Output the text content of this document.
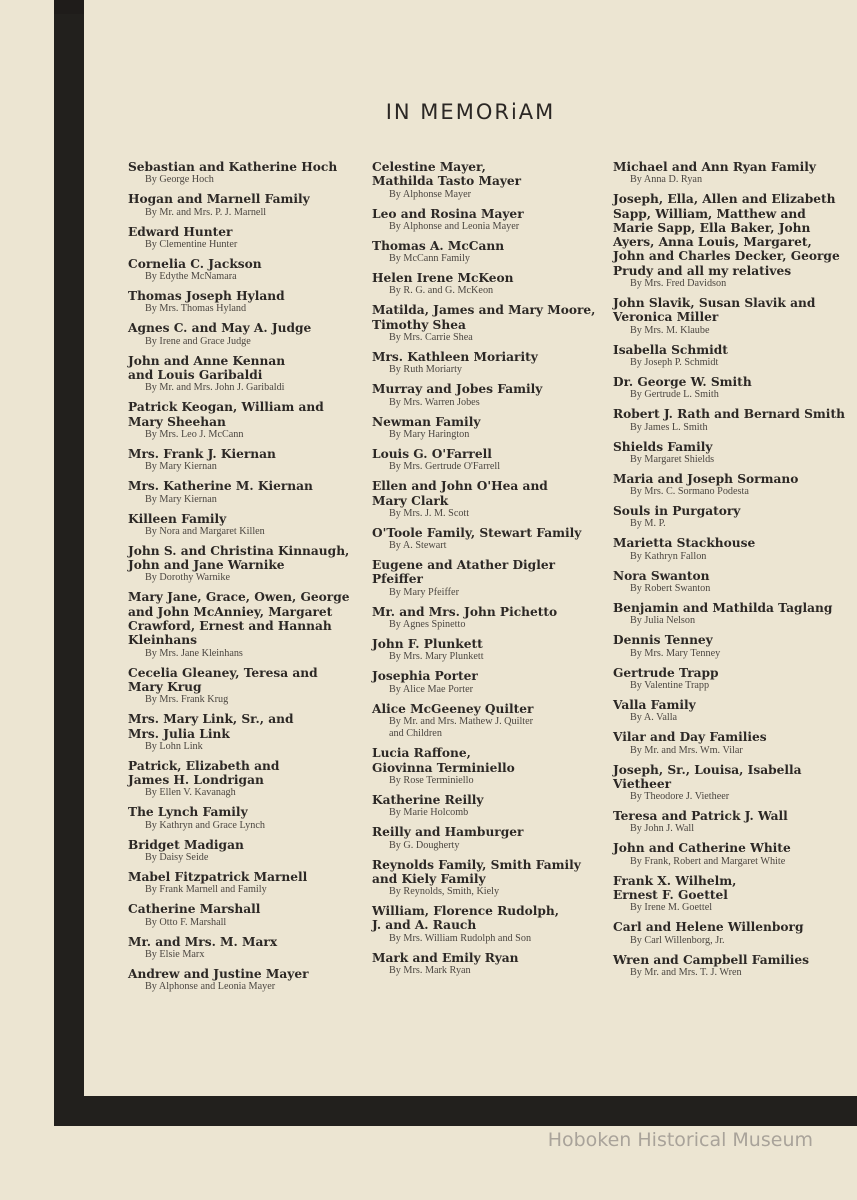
IN MEMORiAM
Sebastian and Katherine Hoch
By George Hoch
Hogan and Marnell Family
By Mr. and Mrs. P. J. Marnell
Edward Hunter
By Clementine Hunter
Cornelia C. Jackson
By Edythe McNamara
Thomas Joseph Hyland
By Mrs. Thomas Hyland
Agnes C. and May A. Judge
By Irene and Grace Judge
John and Anne Kennan
and Louis Garibaldi
By Mr. and Mrs. John J. Garibaldi
Patrick Keogan, William and
Mary Sheehan
By Mrs. Leo J. McCann
Mrs. Frank J. Kiernan
By Mary Kiernan
Mrs. Katherine M. Kiernan
By Mary Kiernan
Killeen Family
By Nora and Margaret Killen
John S. and Christina Kinnaugh,
John and Jane Warnike
By Dorothy Warnike
Mary Jane, Grace, Owen, George
and John McAnniey, Margaret
Crawford, Ernest and Hannah
Kleinhans
By Mrs. Jane Kleinhans
Cecelia Gleaney, Teresa and
Mary Krug
By Mrs. Frank Krug
Mrs. Mary Link, Sr., and
Mrs. Julia Link
By Lohn Link
Patrick, Elizabeth and
James H. Londrigan
By Ellen V. Kavanagh
The Lynch Family
By Kathryn and Grace Lynch
Bridget Madigan
By Daisy Seide
Mabel Fitzpatrick Marnell
By Frank Marnell and Family
Catherine Marshall
By Otto F. Marshall
Mr. and Mrs. M. Marx
By Elsie Marx
Andrew and Justine Mayer
By Alphonse and Leonia Mayer
Celestine Mayer,
Mathilda Tasto Mayer
By Alphonse Mayer
Leo and Rosina Mayer
By Alphonse and Leonia Mayer
Thomas A. McCann
By McCann Family
Helen Irene McKeon
By R. G. and G. McKeon
Matilda, James and Mary Moore,
Timothy Shea
By Mrs. Carrie Shea
Mrs. Kathleen Moriarity
By Ruth Moriarty
Murray and Jobes Family
By Mrs. Warren Jobes
Newman Family
By Mary Harington
Louis G. O'Farrell
By Mrs. Gertrude O'Farrell
Ellen and John O'Hea and
Mary Clark
By Mrs. J. M. Scott
O'Toole Family, Stewart Family
By A. Stewart
Eugene and Atather Digler Pfeiffer
By Mary Pfeiffer
Mr. and Mrs. John Pichetto
By Agnes Spinetto
John F. Plunkett
By Mrs. Mary Plunkett
Josephia Porter
By Alice Mae Porter
Alice McGeeney Quilter
By Mr. and Mrs. Mathew J. Quilter
and Children
Lucia Raffone,
Giovinna Terminiello
By Rose Terminiello
Katherine Reilly
By Marie Holcomb
Reilly and Hamburger
By G. Dougherty
Reynolds Family, Smith Family
and Kiely Family
By Reynolds, Smith, Kiely
William, Florence Rudolph,
J. and A. Rauch
By Mrs. William Rudolph and Son
Mark and Emily Ryan
By Mrs. Mark Ryan
Michael and Ann Ryan Family
By Anna D. Ryan
Joseph, Ella, Allen and Elizabeth
Sapp, William, Matthew and
Marie Sapp, Ella Baker, John
Ayers, Anna Louis, Margaret,
John and Charles Decker, George
Prudy and all my relatives
By Mrs. Fred Davidson
John Slavik, Susan Slavik and
Veronica Miller
By Mrs. M. Klaube
Isabella Schmidt
By Joseph P. Schmidt
Dr. George W. Smith
By Gertrude L. Smith
Robert J. Rath and Bernard Smith
By James L. Smith
Shields Family
By Margaret Shields
Maria and Joseph Sormano
By Mrs. C. Sormano Podesta
Souls in Purgatory
By M. P.
Marietta Stackhouse
By Kathryn Fallon
Nora Swanton
By Robert Swanton
Benjamin and Mathilda Taglang
By Julia Nelson
Dennis Tenney
By Mrs. Mary Tenney
Gertrude Trapp
By Valentine Trapp
Valla Family
By A. Valla
Vilar and Day Families
By Mr. and Mrs. Wm. Vilar
Joseph, Sr., Louisa, Isabella
Vietheer
By Theodore J. Vietheer
Teresa and Patrick J. Wall
By John J. Wall
John and Catherine White
By Frank, Robert and Margaret White
Frank X. Wilhelm,
Ernest F. Goettel
By Irene M. Goettel
Carl and Helene Willenborg
By Carl Willenborg, Jr.
Wren and Campbell Families
By Mr. and Mrs. T. J. Wren
Hoboken Historical Museum
